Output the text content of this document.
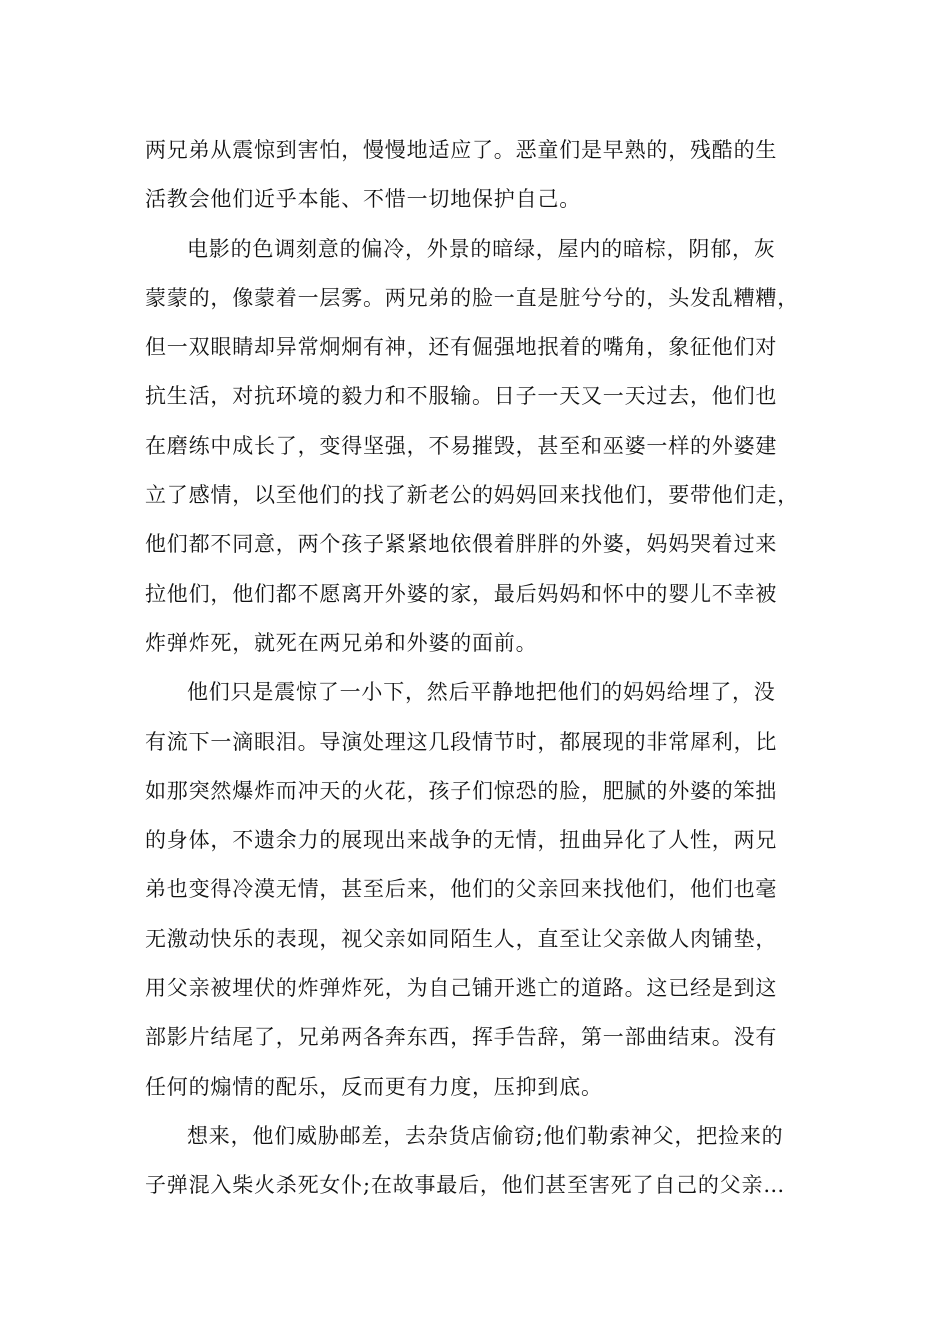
两兄弟从震惊到害怕，慢慢地适应了。恶童们是早熟的，残酷的生
活教会他们近乎本能、不惜一切地保护自己。
电影的色调刻意的偏冷，外景的暗绿，屋内的暗棕，阴郁，灰
蒙蒙的，像蒙着一层雾。两兄弟的脸一直是脏兮兮的，头发乱糟糟，
但一双眼睛却异常炯炯有神，还有倔强地抿着的嘴角，象征他们对
抗生活，对抗环境的毅力和不服输。日子一天又一天过去，他们也
在磨练中成长了，变得坚强，不易摧毁，甚至和巫婆一样的外婆建
立了感情，以至他们的找了新老公的妈妈回来找他们，要带他们走，
他们都不同意，两个孩子紧紧地依偎着胖胖的外婆，妈妈哭着过来
拉他们，他们都不愿离开外婆的家，最后妈妈和怀中的婴儿不幸被
炸弹炸死，就死在两兄弟和外婆的面前。
他们只是震惊了一小下，然后平静地把他们的妈妈给埋了，没
有流下一滴眼泪。导演处理这几段情节时，都展现的非常犀利，比
如那突然爆炸而冲天的火花，孩子们惊恐的脸，肥腻的外婆的笨拙
的身体，不遗余力的展现出来战争的无情，扭曲异化了人性，两兄
弟也变得冷漠无情，甚至后来，他们的父亲回来找他们，他们也毫
无激动快乐的表现，视父亲如同陌生人，直至让父亲做人肉铺垫，
用父亲被埋伏的炸弹炸死，为自己铺开逃亡的道路。这已经是到这
部影片结尾了，兄弟两各奔东西，挥手告辞，第一部曲结束。没有
任何的煽情的配乐，反而更有力度，压抑到底。
想来，他们威胁邮差，去杂货店偷窃;他们勒索神父，把捡来的
子弹混入柴火杀死女仆;在故事最后，他们甚至害死了自己的父亲…
